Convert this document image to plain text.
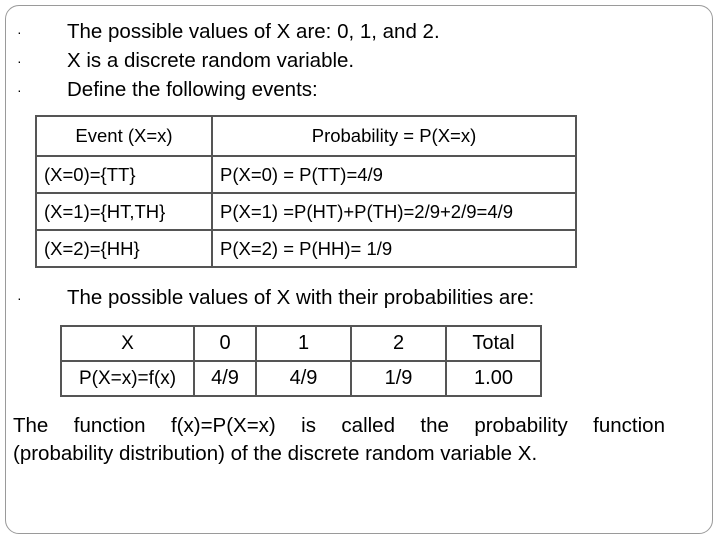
· The possible values of X are: 0, 1, and 2.
· X is a discrete random variable.
· Define the following events:
Event (X=x)	Probability = P(X=x)
(X=0)={TT}	P(X=0) = P(TT)=4/9
(X=1)={HT,TH}	P(X=1) =P(HT)+P(TH)=2/9+2/9=4/9
(X=2)={HH}	P(X=2) = P(HH)= 1/9
· The possible values of X with their probabilities are:
X	0	1	2	Total
P(X=x)=f(x)	4/9	4/9	1/9	1.00
The function f(x)=P(X=x) is called the probability function
(probability distribution) of the discrete random variable X.
